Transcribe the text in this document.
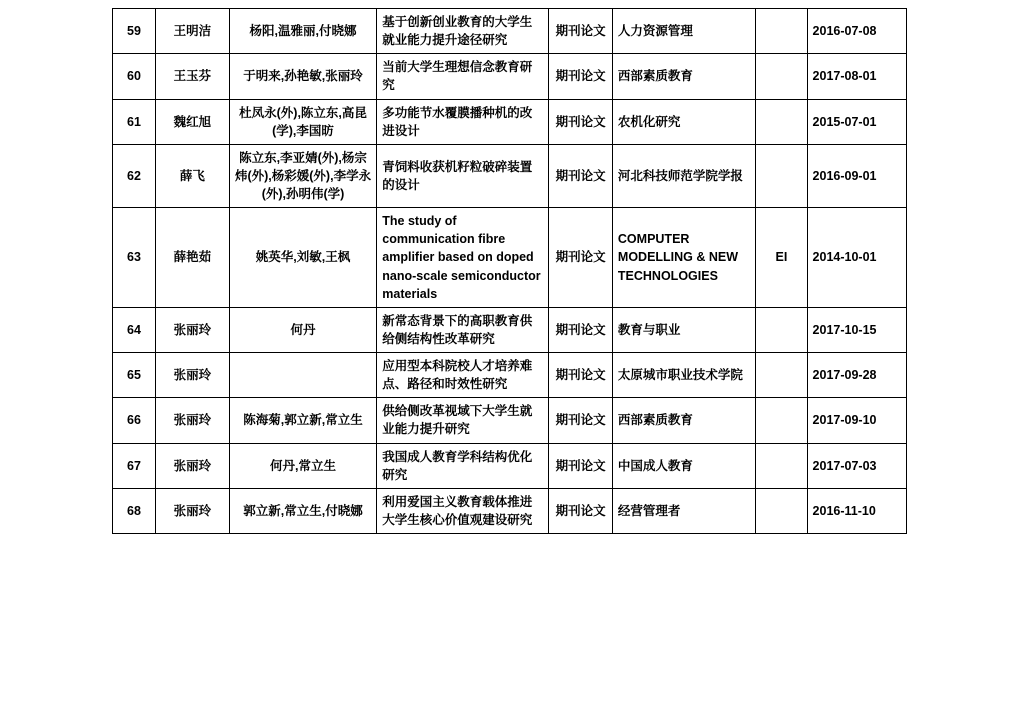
59	王明洁	杨阳,温雅丽,付晓娜	基于创新创业教育的大学生就业能力提升途径研究	期刊论文	人力资源管理		2016-07-08
60	王玉芬	于明来,孙艳敏,张丽玲	当前大学生理想信念教育研究	期刊论文	西部素质教育		2017-08-01
61	魏红旭	杜凤永(外),陈立东,高昆(学),李国昉	多功能节水覆膜播种机的改进设计	期刊论文	农机化研究		2015-07-01
62	薛飞	陈立东,李亚婧(外),杨宗炜(外),杨彩媛(外),李学永(外),孙明伟(学)	青饲料收获机籽粒破碎装置的设计	期刊论文	河北科技师范学院学报		2016-09-01
63	薛艳茹	姚英华,刘敏,王枫	The study of communication fibre amplifier based on doped nano-scale semiconductor materials	期刊论文	COMPUTER MODELLING & NEW TECHNOLOGIES	EI	2014-10-01
64	张丽玲	何丹	新常态背景下的高职教育供给侧结构性改革研究	期刊论文	教育与职业		2017-10-15
65	张丽玲		应用型本科院校人才培养难点、路径和时效性研究	期刊论文	太原城市职业技术学院		2017-09-28
66	张丽玲	陈海菊,郭立新,常立生	供给侧改革视域下大学生就业能力提升研究	期刊论文	西部素质教育		2017-09-10
67	张丽玲	何丹,常立生	我国成人教育学科结构优化研究	期刊论文	中国成人教育		2017-07-03
68	张丽玲	郭立新,常立生,付晓娜	利用爱国主义教育载体推进大学生核心价值观建设研究	期刊论文	经营管理者		2016-11-10
